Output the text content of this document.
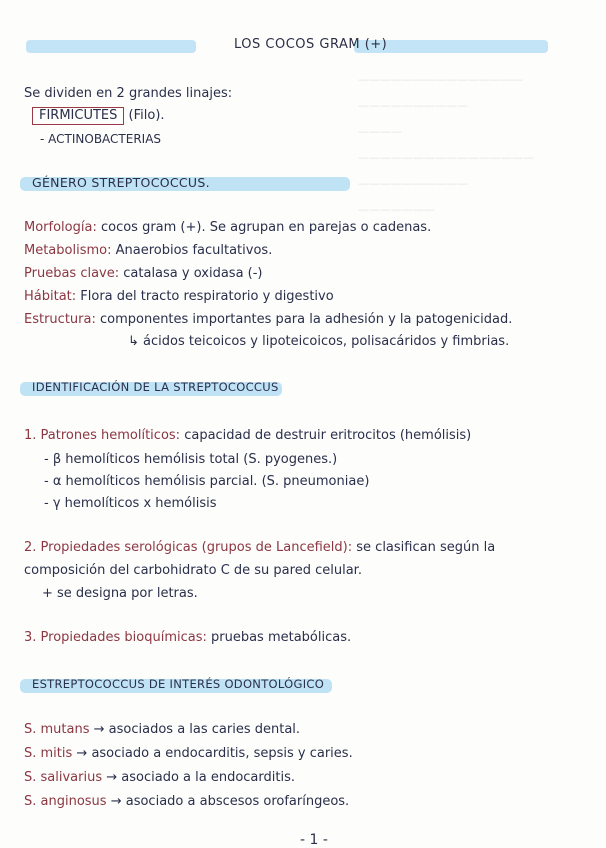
———————————————
——————————
————
————————————————
——————————
———————
LOS COCOS GRAM (+)
Se dividen en 2 grandes linajes:
FIRMICUTES (Filo).
- ACTINOBACTERIAS
GÉNERO STREPTOCOCCUS.
Morfología: cocos gram (+). Se agrupan en parejas o cadenas.
Metabolismo: Anaerobios facultativos.
Pruebas clave: catalasa y oxidasa (-)
Hábitat: Flora del tracto respiratorio y digestivo
Estructura: componentes importantes para la adhesión y la patogenicidad.
↳ ácidos teicoicos y lipoteicoicos, polisacáridos y fimbrias.
IDENTIFICACIÓN DE LA STREPTOCOCCUS
1. Patrones hemolíticos: capacidad de destruir eritrocitos (hemólisis)
- β hemolíticos hemólisis total (S. pyogenes.)
- α hemolíticos hemólisis parcial. (S. pneumoniae)
- γ hemolíticos x hemólisis
2. Propiedades serológicas (grupos de Lancefield): se clasifican según la
composición del carbohidrato C de su pared celular.
+ se designa por letras.
3. Propiedades bioquímicas: pruebas metabólicas.
ESTREPTOCOCCUS DE INTERÉS ODONTOLÓGICO
S. mutans → asociados a las caries dental.
S. mitis → asociado a endocarditis, sepsis y caries.
S. salivarius → asociado a la endocarditis.
S. anginosus → asociado a abscesos orofaríngeos.
- 1 -
